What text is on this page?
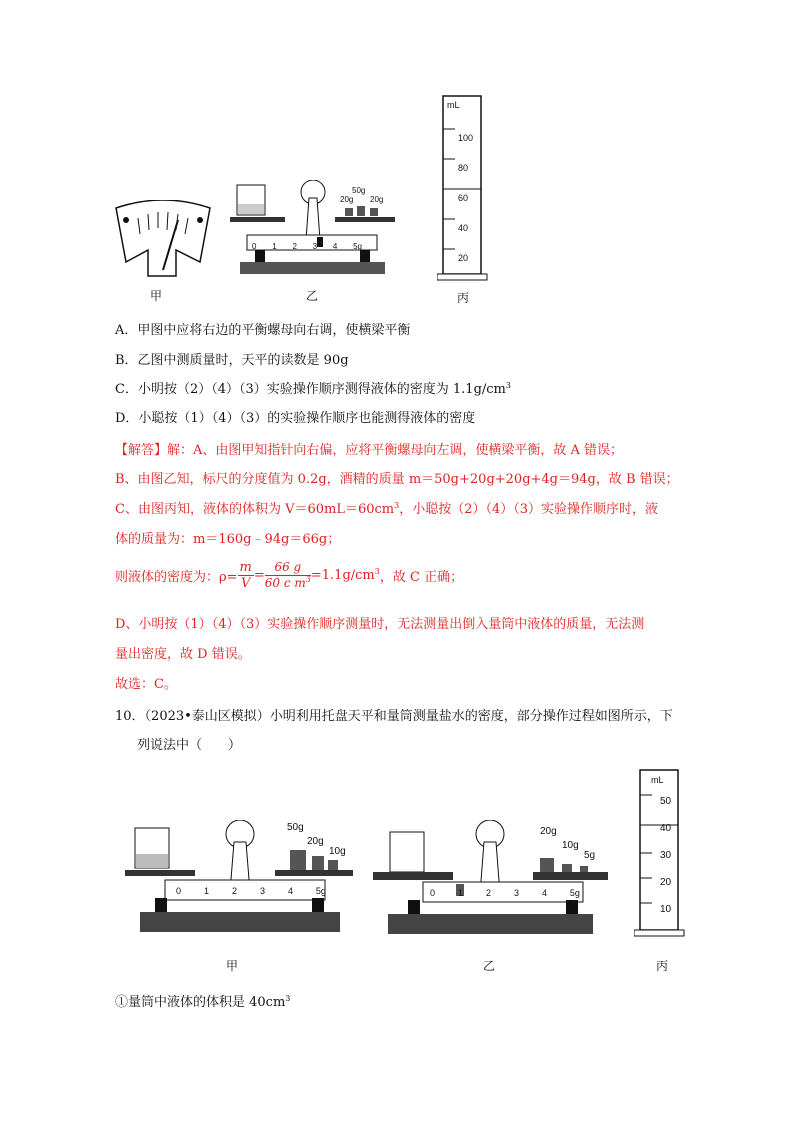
甲
50g
20g 20g
0 1 2 3 4 5g
乙
mL
100
80
60
40
20
丙
A．甲图中应将右边的平衡螺母向右调，使横梁平衡
B．乙图中测质量时，天平的读数是 90g
C．小明按（2）（4）（3）实验操作顺序测得液体的密度为 $1.1g/cm^3$
D．小聪按（1）（4）（3）的实验操作顺序也能测得液体的密度
【解答】解：A、由图甲知指针向右偏，应将平衡螺母向左调，使横梁平衡，故 A 错误；
B、由图乙知，标尺的分度值为 0.2g，酒精的质量 m＝50g+20g+20g+4g＝94g，故 B 错误；
C、由图丙知，液体的体积为 $V=60mL=60cm^3$，小聪按（2）（4）（3）实验操作顺序时，液
体的质量为：m＝160g﹣94g＝66g；
则液体的密度为：$\rho= \frac{m}{V} = \frac{66 g}{60 c m^3} =1.1g/cm^3$，故 C 正确；
D、小明按（1）（4）（3）实验操作顺序测量时，无法测量出倒入量筒中液体的质量，无法测
量出密度，故 D 错误。
故选：C。
10．（2023•泰山区模拟）小明利用托盘天平和量筒测量盐水的密度，部分操作过程如图所示，下
列说法中（　　）
50g
20g
10g
0	1	2	3	4	5g
甲
20g
10g
5g
0	1	2	3	4	5g
乙
mL
50
40
30
20
10
丙
①量筒中液体的体积是 $40cm^3$
